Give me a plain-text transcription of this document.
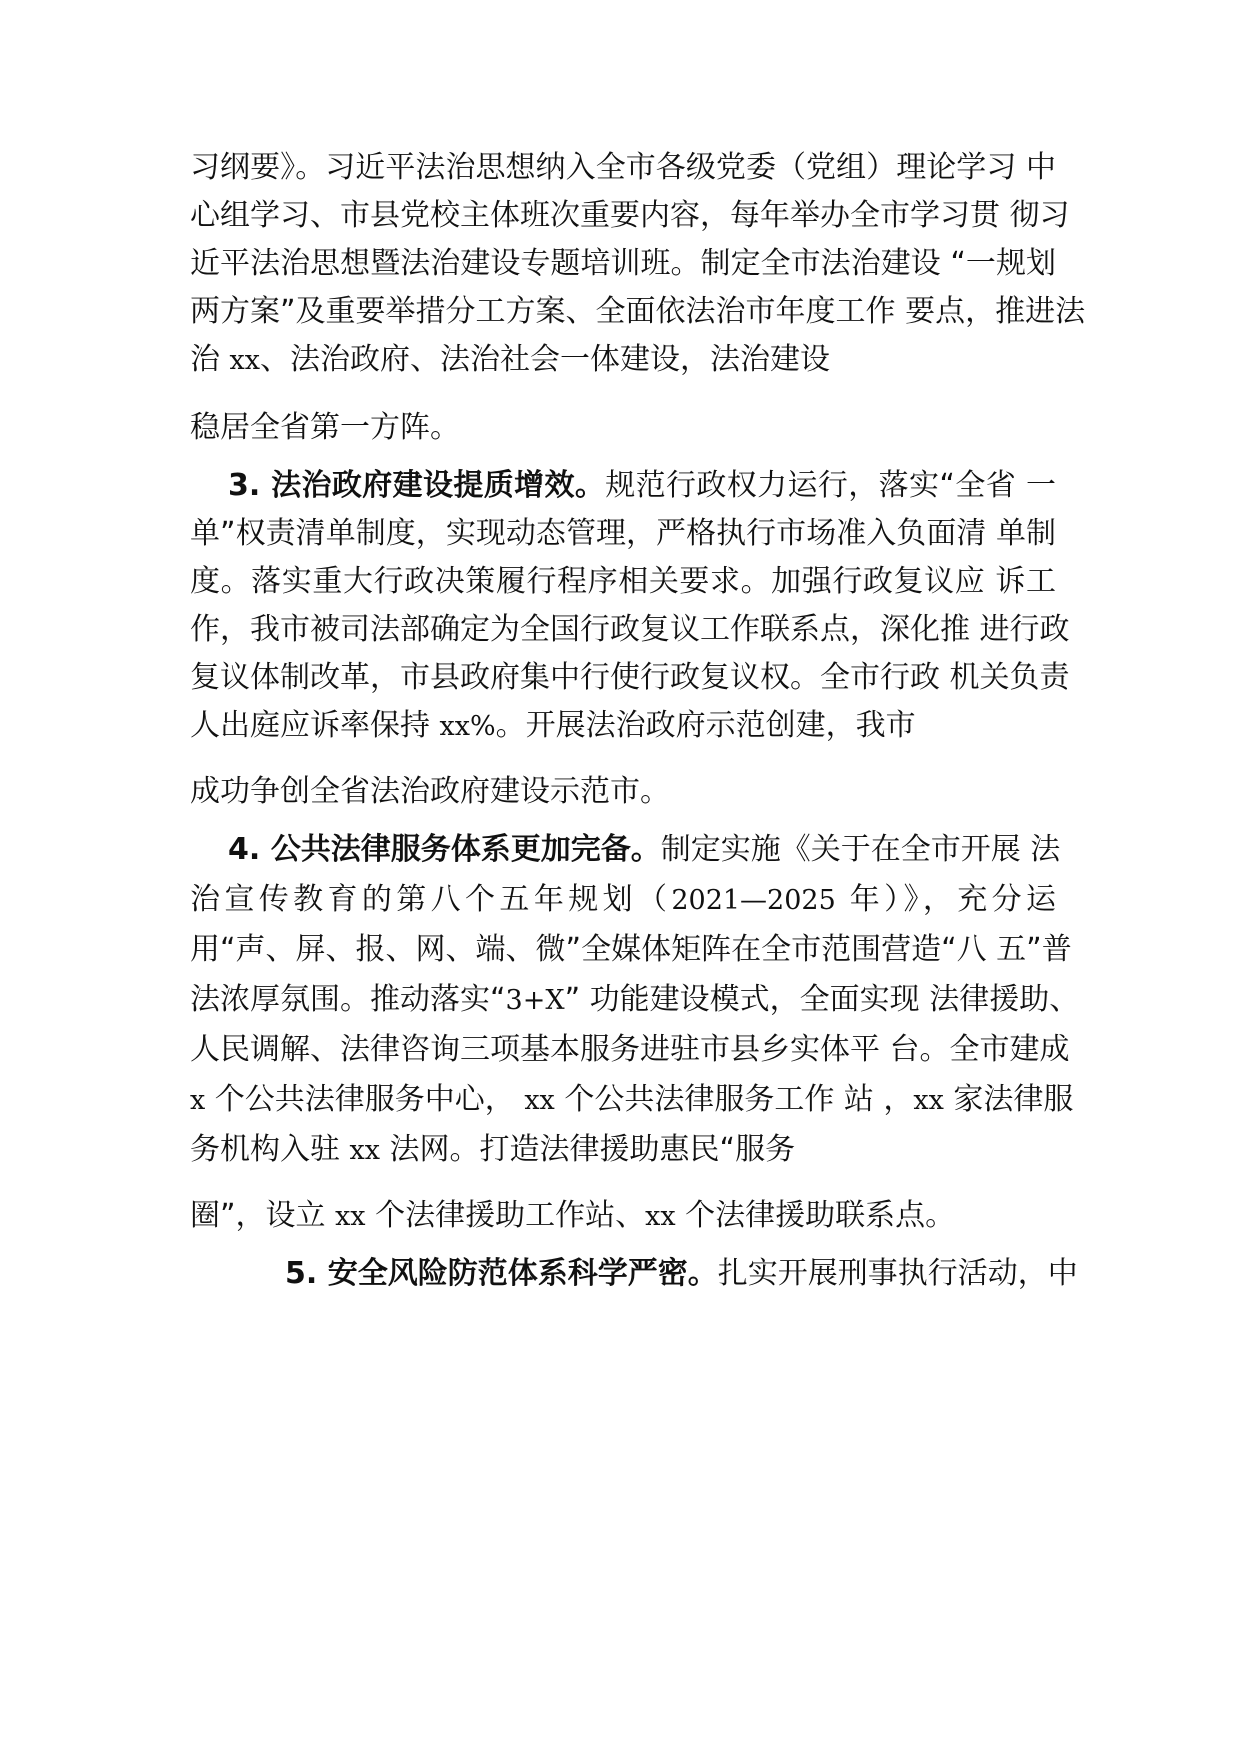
习纲要》。习近平法治思想纳入全市各级党委（党组）理论学习 中

心组学习、市县党校主体班次重要内容，每年举办全市学习贯 彻习

近平法治思想暨法治建设专题培训班。制定全市法治建设 “一规划

两方案”及重要举措分工方案、全面依法治市年度工作 要点，推进法

治 xx、法治政府、法治社会一体建设，法治建设

稳居全省第一方阵。

3. 法治政府建设提质增效。规范行政权力运行，落实“全省 一

单”权责清单制度，实现动态管理，严格执行市场准入负面清 单制

度。落实重大行政决策履行程序相关要求。加强行政复议应 诉工

作，我市被司法部确定为全国行政复议工作联系点，深化推 进行政

复议体制改革，市县政府集中行使行政复议权。全市行政 机关负责

人出庭应诉率保持 xx%。开展法治政府示范创建，我市

成功争创全省法治政府建设示范市。

4. 公共法律服务体系更加完备。制定实施《关于在全市开展 法

治宣传教育的第八个五年规划（2021—2025 年）》，充分运

用“声、屏、报、网、端、微”全媒体矩阵在全市范围营造“八 五”普

法浓厚氛围。推动落实“3+X” 功能建设模式，全面实现 法律援助、

人民调解、法律咨询三项基本服务进驻市县乡实体平 台。全市建成

x 个公共法律服务中心， xx 个公共法律服务工作 站 ，xx 家法律服

务机构入驻 xx 法网。打造法律援助惠民“服务

圈”，设立 xx 个法律援助工作站、xx 个法律援助联系点。

5. 安全风险防范体系科学严密。扎实开展刑事执行活动，中
